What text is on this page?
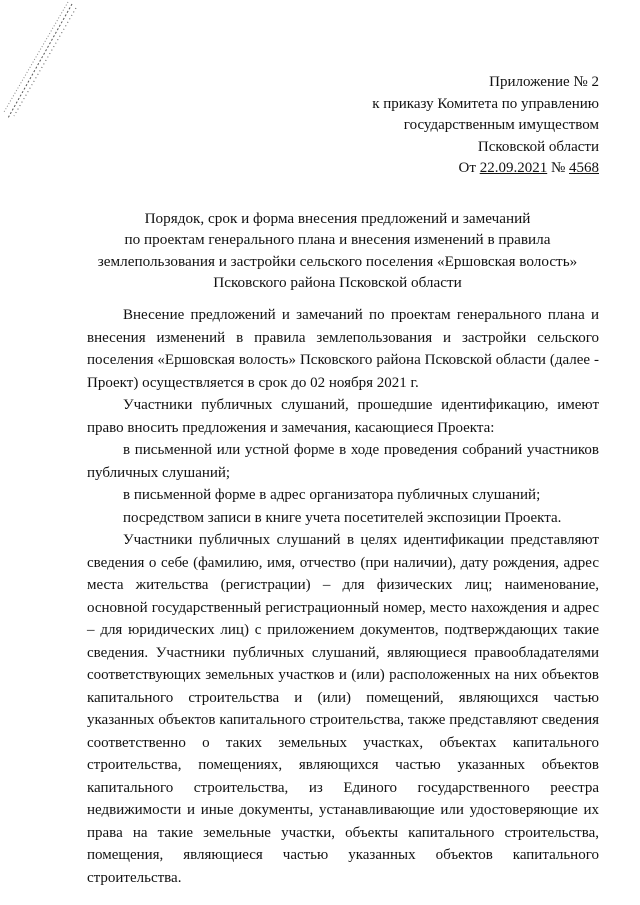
Приложение № 2
к приказу Комитета по управлению
государственным имуществом
Псковской области
От 22.09.2021 № 4568
Порядок, срок и форма внесения предложений и замечаний
по проектам генерального плана и внесения изменений в правила
землепользования и застройки сельского поселения «Ершовская волость»
Псковского района Псковской области

Внесение предложений и замечаний по проектам генерального плана и внесения изменений в правила землепользования и застройки сельского поселения «Ершовская волость» Псковского района Псковской области (далее - Проект) осуществляется в срок до 02 ноября 2021 г.

Участники публичных слушаний, прошедшие идентификацию, имеют право вносить предложения и замечания, касающиеся Проекта:

в письменной или устной форме в ходе проведения собраний участников публичных слушаний;

в письменной форме в адрес организатора публичных слушаний;

посредством записи в книге учета посетителей экспозиции Проекта.

Участники публичных слушаний в целях идентификации представляют сведения о себе (фамилию, имя, отчество (при наличии), дату рождения, адрес места жительства (регистрации) – для физических лиц; наименование, основной государственный регистрационный номер, место нахождения и адрес – для юридических лиц) с приложением документов, подтверждающих такие сведения. Участники публичных слушаний, являющиеся правообладателями соответствующих земельных участков и (или) расположенных на них объектов капитального строительства и (или) помещений, являющихся частью указанных объектов капитального строительства, также представляют сведения соответственно о таких земельных участках, объектах капитального строительства, помещениях, являющихся частью указанных объектов капитального строительства, из Единого государственного реестра недвижимости и иные документы, устанавливающие или удостоверяющие их права на такие земельные участки, объекты капитального строительства, помещения, являющиеся частью указанных объектов капитального строительства.
